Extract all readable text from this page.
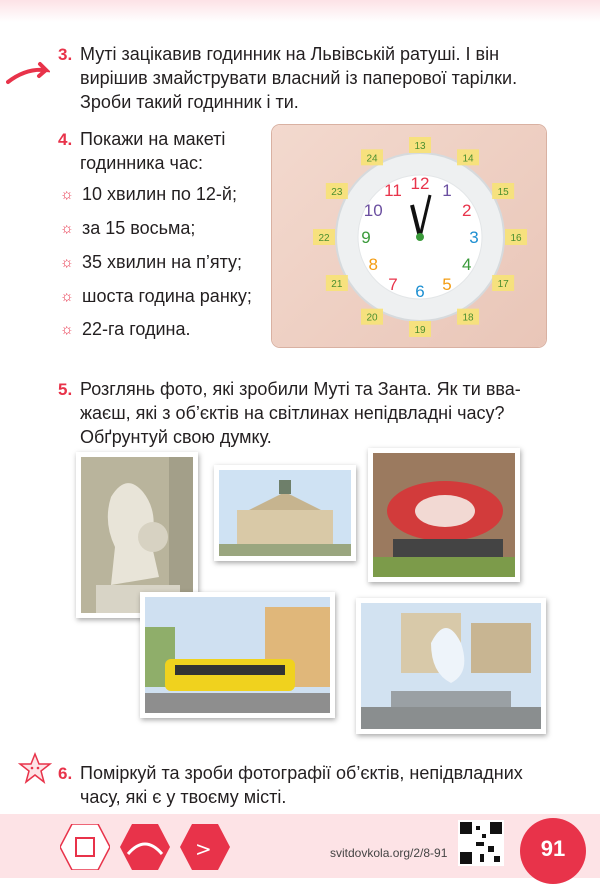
3. Муті зацікавив годинник на Львівській ратуші. І він
вирішив змайструвати власний із паперової тарілки.
Зроби такий годинник і ти.
4. Покажи на макеті
годинника час:
☼ 10 хвилин по 12-й;
☼ за 15 восьма;
☼ 35 хвилин на п’яту;
☼ шоста година ранку;
☼ 22-га година.
12 1
2
3
4
5
6
7
8
9
10
11
13
14
15
16
17
18
19
20
21
22
23
24
5. Розглянь фото, які зробили Муті та Занта. Як ти вва-
жаєш, які з об’єктів на світлинах непідвладні часу?
Обґрунтуй свою думку.
6. Поміркуй та зроби фотографії об’єктів, непідвладних
часу, які є у твоєму місті.
>	svitdovkola.org/2/8-91	91
